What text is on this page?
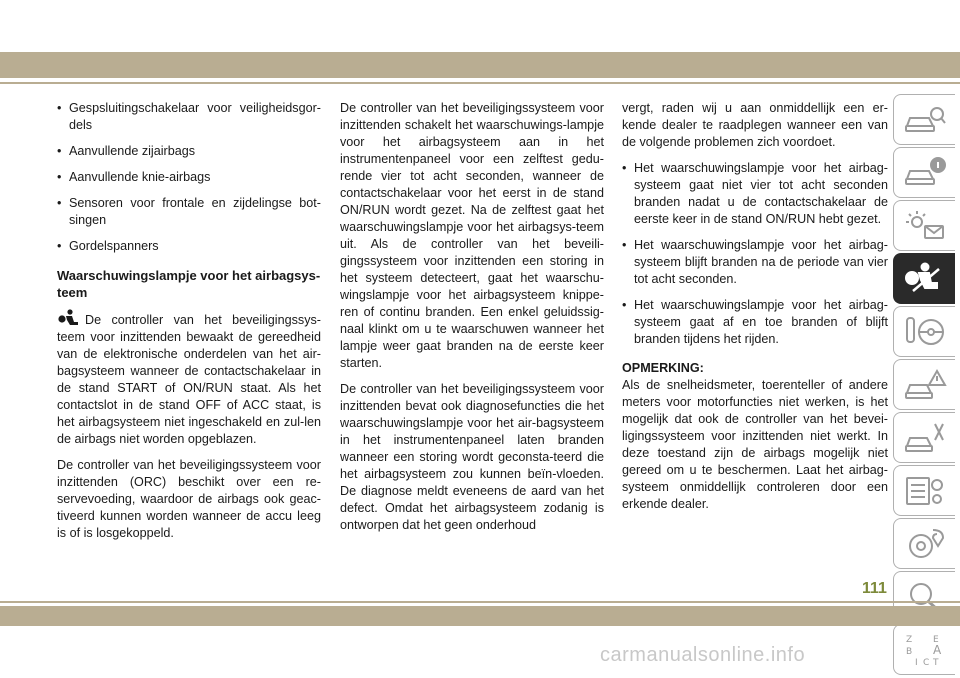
• Gespsluitingschakelaar voor veiligheidsgor-dels
• Aanvullende zijairbags
• Aanvullende knie-airbags
• Sensoren voor frontale en zijdelingse bot-singen
• Gordelspanners
Waarschuwingslampje voor het airbagsys-teem
De controller van het beveiligingssys-teem voor inzittenden bewaakt de gereedheid van de elektronische onderdelen van het air-bagsysteem wanneer de contactschakelaar in de stand START of ON/RUN staat. Als het contactslot in de stand OFF of ACC staat, is het airbagsysteem niet ingeschakeld en zul-len de airbags niet worden opgeblazen.
De controller van het beveiligingssysteem voor inzittenden (ORC) beschikt over een re-servevoeding, waardoor de airbags ook geac-tiveerd kunnen worden wanneer de accu leeg is of is losgekoppeld.
De controller van het beveiligingssysteem voor inzittenden schakelt het waarschuwings-lampje voor het airbagsysteem aan in het instrumentenpaneel voor een zelftest gedu-rende vier tot acht seconden, wanneer de contactschakelaar voor het eerst in de stand ON/RUN wordt gezet. Na de zelftest gaat het waarschuwingslampje voor het airbagsys-teem uit. Als de controller van het beveili-gingssysteem voor inzittenden een storing in het systeem detecteert, gaat het waarschu-wingslampje voor het airbagsysteem knippe-ren of continu branden. Een enkel geluidssig-naal klinkt om u te waarschuwen wanneer het lampje weer gaat branden na de eerste keer starten.
De controller van het beveiligingssysteem voor inzittenden bevat ook diagnosefuncties die het waarschuwingslampje voor het air-bagsysteem in het instrumentenpaneel laten branden wanneer een storing wordt geconsta-teerd die het airbagsysteem zou kunnen beïn-vloeden. De diagnose meldt eveneens de aard van het defect. Omdat het airbagsysteem zodanig is ontworpen dat het geen onderhoud
vergt, raden wij u aan onmiddellijk een er-kende dealer te raadplegen wanneer een van de volgende problemen zich voordoet.
• Het waarschuwingslampje voor het airbag-systeem gaat niet vier tot acht seconden branden nadat u de contactschakelaar de eerste keer in de stand ON/RUN hebt gezet.
• Het waarschuwingslampje voor het airbag-systeem blijft branden na de periode van vier tot acht seconden.
• Het waarschuwingslampje voor het airbag-systeem gaat af en toe branden of blijft branden tijdens het rijden.
OPMERKING:
Als de snelheidsmeter, toerenteller of andere meters voor motorfuncties niet werken, is het mogelijk dat ook de controller van het bevei-ligingssysteem voor inzittenden niet werkt. In deze toestand zijn de airbags mogelijk niet gereed om u te beschermen. Laat het airbag-systeem onmiddellijk controleren door een erkende dealer.
Z E
B A
I C T
111
carmanualsonline.info
